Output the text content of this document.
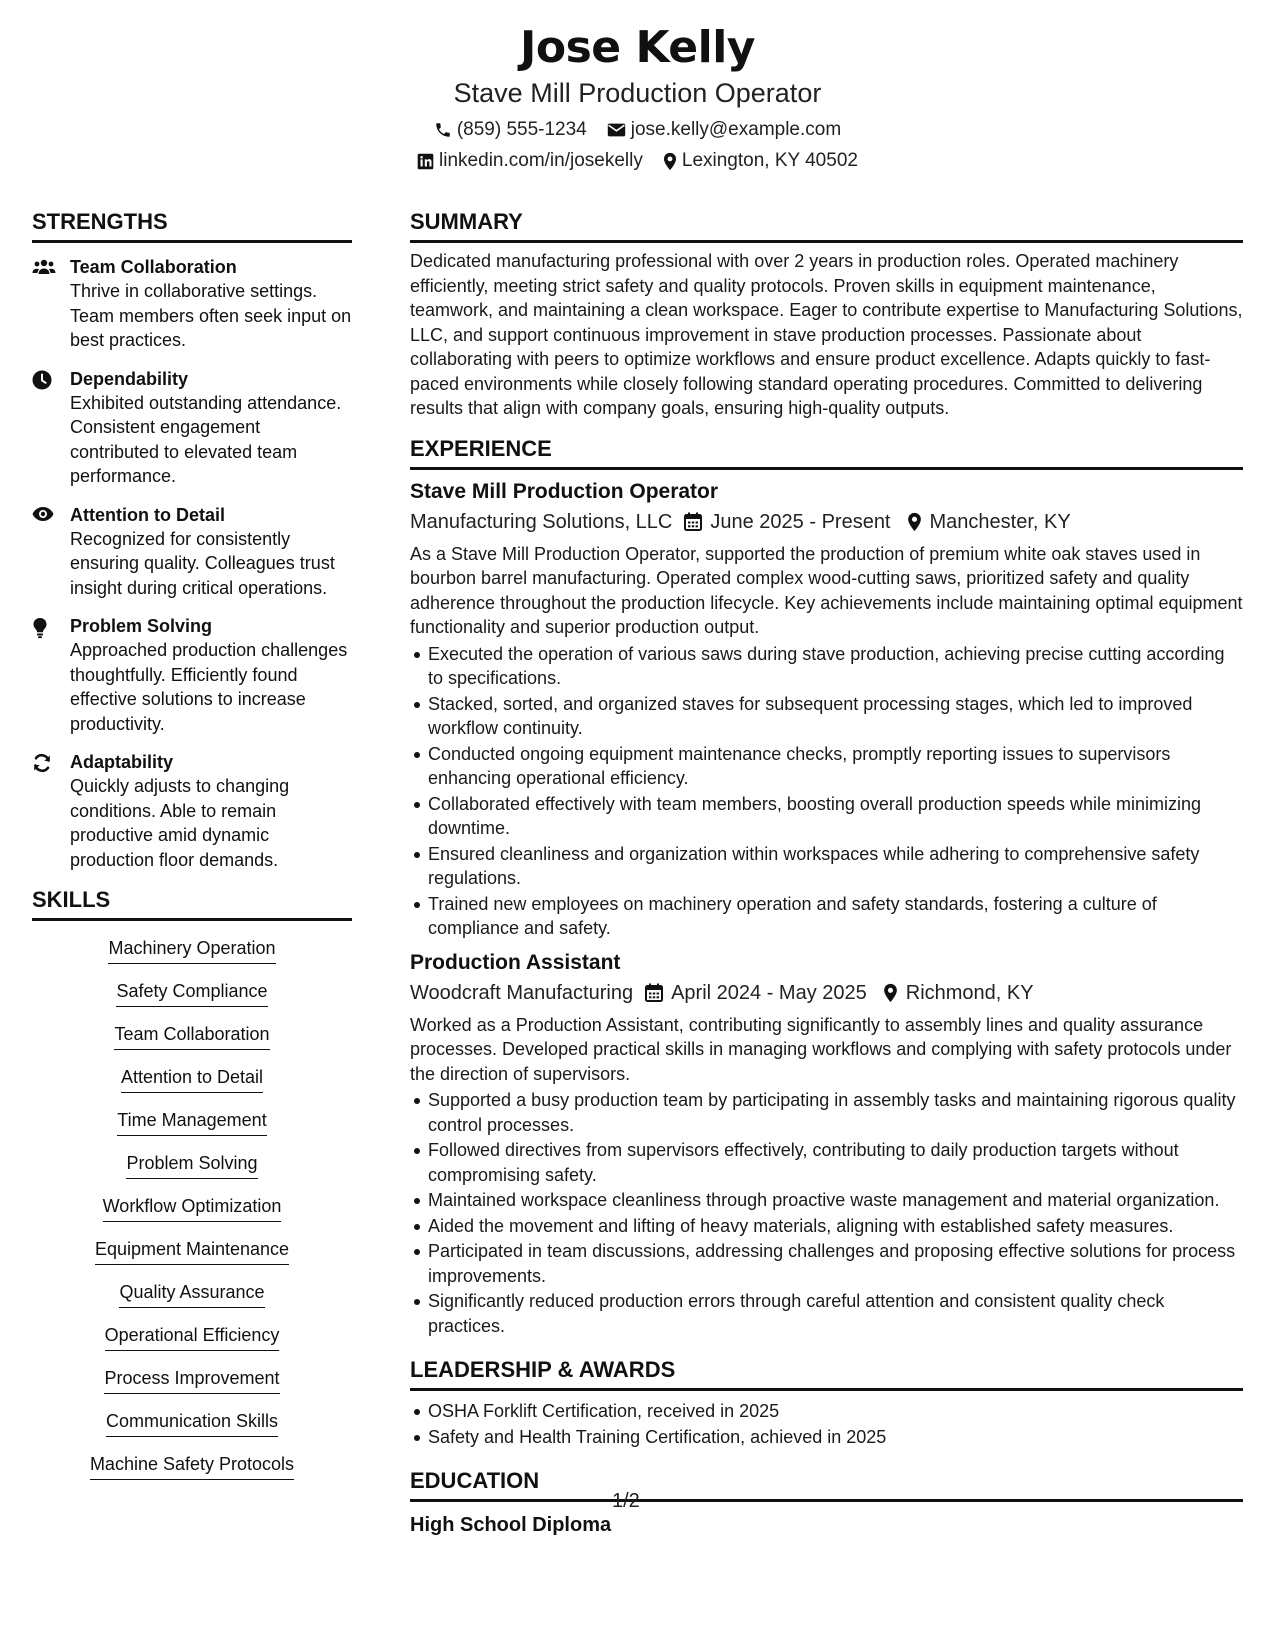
Jose Kelly
Stave Mill Production Operator
(859) 555-1234 jose.kelly@example.com
linkedin.com/in/josekelly Lexington, KY 40502
STRENGTHS
Team Collaboration
Thrive in collaborative settings. Team members often seek input on best practices.
Dependability
Exhibited outstanding attendance. Consistent engagement contributed to elevated team performance.
Attention to Detail
Recognized for consistently ensuring quality. Colleagues trust insight during critical operations.
Problem Solving
Approached production challenges thoughtfully. Efficiently found effective solutions to increase productivity.
Adaptability
Quickly adjusts to changing conditions. Able to remain productive amid dynamic production floor demands.
SKILLS
Machinery Operation
Safety Compliance
Team Collaboration
Attention to Detail
Time Management
Problem Solving
Workflow Optimization
Equipment Maintenance
Quality Assurance
Operational Efficiency
Process Improvement
Communication Skills
Machine Safety Protocols
SUMMARY
Dedicated manufacturing professional with over 2 years in production roles. Operated machinery efficiently, meeting strict safety and quality protocols. Proven skills in equipment maintenance, teamwork, and maintaining a clean workspace. Eager to contribute expertise to Manufacturing Solutions, LLC, and support continuous improvement in stave production processes. Passionate about collaborating with peers to optimize workflows and ensure product excellence. Adapts quickly to fast-paced environments while closely following standard operating procedures. Committed to delivering results that align with company goals, ensuring high-quality outputs.
EXPERIENCE
Stave Mill Production Operator
Manufacturing Solutions, LLC June 2025 - Present Manchester, KY
As a Stave Mill Production Operator, supported the production of premium white oak staves used in bourbon barrel manufacturing. Operated complex wood-cutting saws, prioritized safety and quality adherence throughout the production lifecycle. Key achievements include maintaining optimal equipment functionality and superior production output.
Executed the operation of various saws during stave production, achieving precise cutting according to specifications.
Stacked, sorted, and organized staves for subsequent processing stages, which led to improved workflow continuity.
Conducted ongoing equipment maintenance checks, promptly reporting issues to supervisors enhancing operational efficiency.
Collaborated effectively with team members, boosting overall production speeds while minimizing downtime.
Ensured cleanliness and organization within workspaces while adhering to comprehensive safety regulations.
Trained new employees on machinery operation and safety standards, fostering a culture of compliance and safety.
Production Assistant
Woodcraft Manufacturing April 2024 - May 2025 Richmond, KY
Worked as a Production Assistant, contributing significantly to assembly lines and quality assurance processes. Developed practical skills in managing workflows and complying with safety protocols under the direction of supervisors.
Supported a busy production team by participating in assembly tasks and maintaining rigorous quality control processes.
Followed directives from supervisors effectively, contributing to daily production targets without compromising safety.
Maintained workspace cleanliness through proactive waste management and material organization.
Aided the movement and lifting of heavy materials, aligning with established safety measures.
Participated in team discussions, addressing challenges and proposing effective solutions for process improvements.
Significantly reduced production errors through careful attention and consistent quality check practices.
LEADERSHIP & AWARDS
OSHA Forklift Certification, received in 2025
Safety and Health Training Certification, achieved in 2025
EDUCATION
High School Diploma
1/2
